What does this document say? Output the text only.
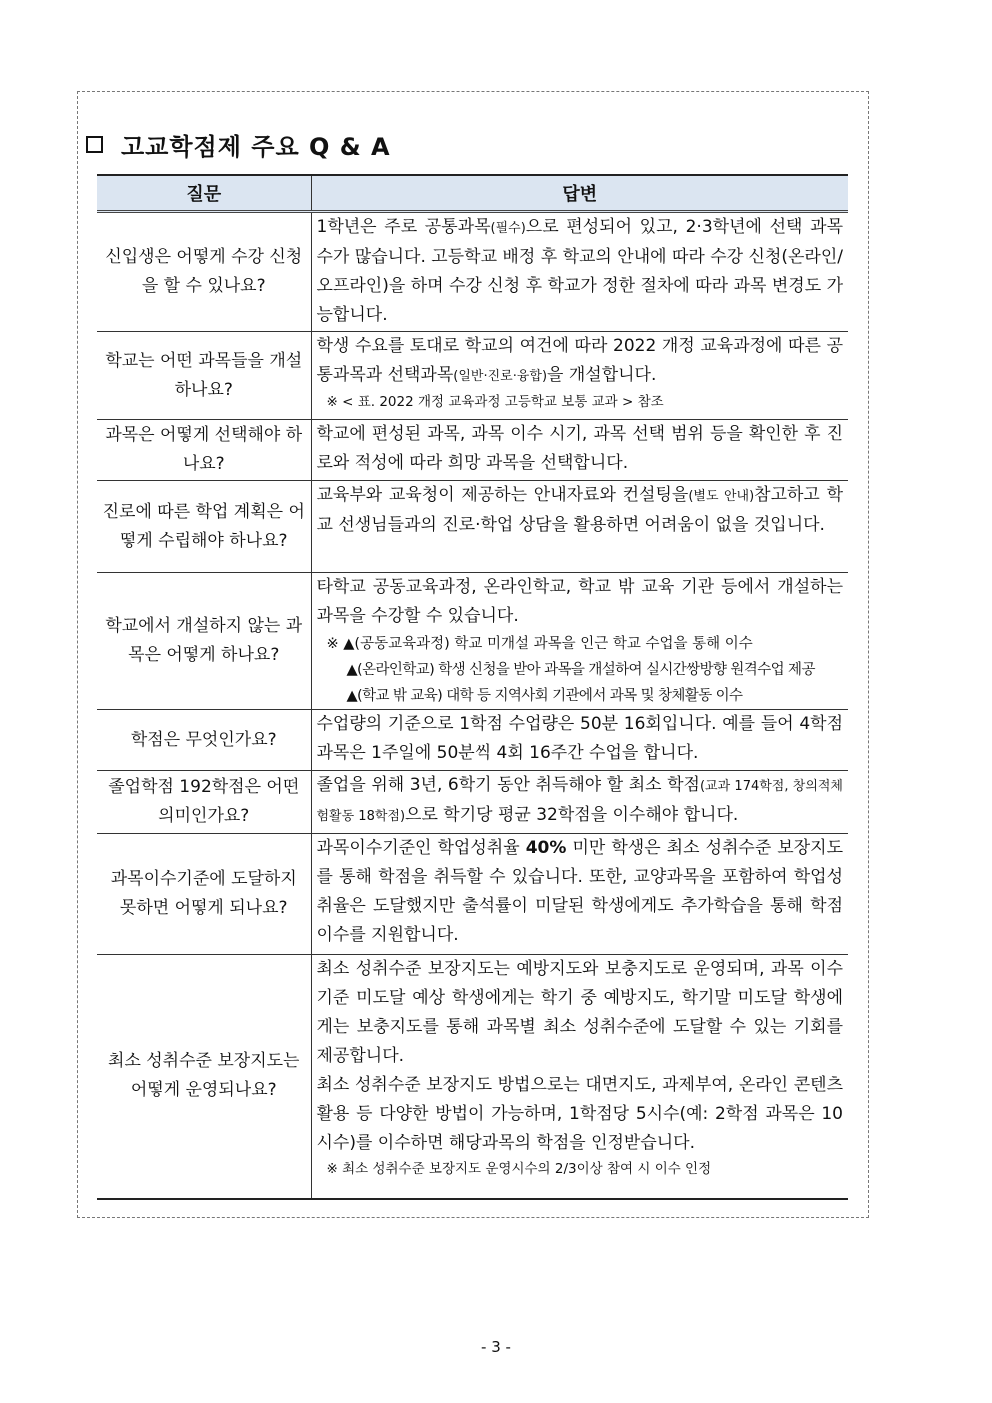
고교학점제 주요 Q & A
질문	답변
신입생은 어떻게 수강 신청을 할 수 있나요?	1학년은 주로 공통과목(필수)으로 편성되어 있고, 2·3학년에 선택 과목 수가 많습니다. 고등학교 배정 후 학교의 안내에 따라 수강 신청(온라인/오프라인)을 하며 수강 신청 후 학교가 정한 절차에 따라 과목 변경도 가능합니다.
학교는 어떤 과목들을 개설하나요?	학생 수요를 토대로 학교의 여건에 따라 2022 개정 교육과정에 따른 공통과목과 선택과목(일반·진로·융합)을 개설합니다.
※ < 표. 2022 개정 교육과정 고등학교 보통 교과 > 참조

과목은 어떻게 선택해야 하나요?	학교에 편성된 과목, 과목 이수 시기, 과목 선택 범위 등을 확인한 후 진로와 적성에 따라 희망 과목을 선택합니다.
진로에 따른 학업 계획은 어떻게 수립해야 하나요?	교육부와 교육청이 제공하는 안내자료와 컨설팅을(별도 안내)참고하고 학교 선생님들과의 진로·학업 상담을 활용하면 어려움이 없을 것입니다.
학교에서 개설하지 않는 과목은 어떻게 하나요?	타학교 공동교육과정, 온라인학교, 학교 밖 교육 기관 등에서 개설하는 과목을 수강할 수 있습니다.
※ ▲(공동교육과정) 학교 미개설 과목을 인근 학교 수업을 통해 이수
▲(온라인학교) 학생 신청을 받아 과목을 개설하여 실시간쌍방향 원격수업 제공
▲(학교 밖 교육) 대학 등 지역사회 기관에서 과목 및 창체활동 이수

학점은 무엇인가요?	수업량의 기준으로 1학점 수업량은 50분 16회입니다. 예를 들어 4학점 과목은 1주일에 50분씩 4회 16주간 수업을 합니다.
졸업학점 192학점은 어떤 의미인가요?	졸업을 위해 3년, 6학기 동안 취득해야 할 최소 학점(교과 174학점, 창의적체험활동 18학점)으로 학기당 평균 32학점을 이수해야 합니다.
과목이수기준에 도달하지 못하면 어떻게 되나요?	과목이수기준인 학업성취율 40% 미만 학생은 최소 성취수준 보장지도를 통해 학점을 취득할 수 있습니다. 또한, 교양과목을 포함하여 학업성취율은 도달했지만 출석률이 미달된 학생에게도 추가학습을 통해 학점 이수를 지원합니다.
최소 성취수준 보장지도는 어떻게 운영되나요?	최소 성취수준 보장지도는 예방지도와 보충지도로 운영되며, 과목 이수 기준 미도달 예상 학생에게는 학기 중 예방지도, 학기말 미도달 학생에게는 보충지도를 통해 과목별 최소 성취수준에 도달할 수 있는 기회를 제공합니다.
최소 성취수준 보장지도 방법으로는 대면지도, 과제부여, 온라인 콘텐츠 활용 등 다양한 방법이 가능하며, 1학점당 5시수(예: 2학점 과목은 10시수)를 이수하면 해당과목의 학점을 인정받습니다.
※ 최소 성취수준 보장지도 운영시수의 2/3이상 참여 시 이수 인정
- 3 -
